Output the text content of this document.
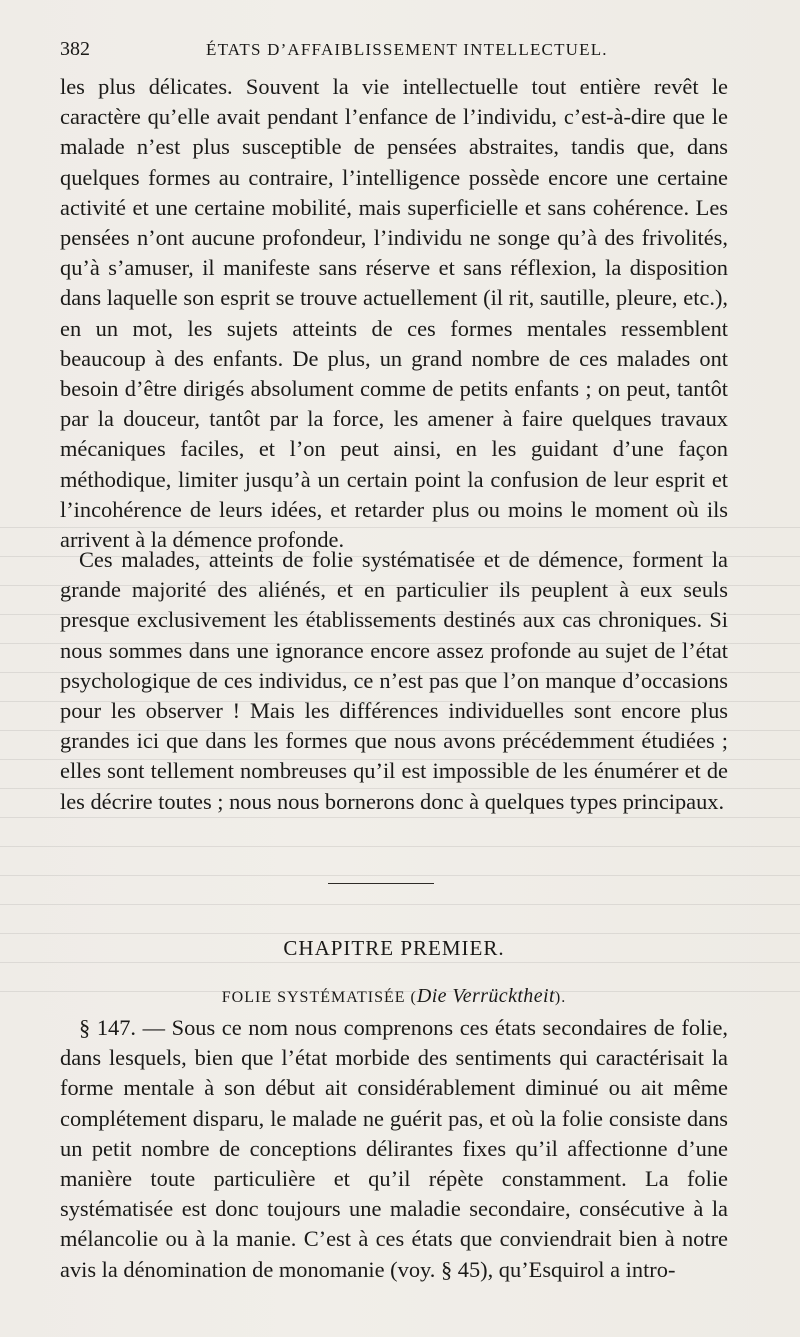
382	ÉTATS D’AFFAIBLISSEMENT INTELLECTUEL.

les plus délicates. Souvent la vie intellectuelle tout entière revêt le caractère qu’elle avait pendant l’enfance de l’individu, c’est-à-dire que le malade n’est plus susceptible de pensées abstraites, tandis que, dans quelques formes au contraire, l’intelligence possède encore une certaine activité et une certaine mobilité, mais superficielle et sans cohérence. Les pensées n’ont aucune profondeur, l’individu ne songe qu’à des frivolités, qu’à s’amuser, il manifeste sans réserve et sans réflexion, la disposition dans laquelle son esprit se trouve actuellement (il rit, sautille, pleure, etc.), en un mot, les sujets atteints de ces formes mentales ressemblent beaucoup à des enfants. De plus, un grand nombre de ces malades ont besoin d’être dirigés absolument comme de petits enfants ; on peut, tantôt par la douceur, tantôt par la force, les amener à faire quelques travaux mécaniques faciles, et l’on peut ainsi, en les guidant d’une façon méthodique, limiter jusqu’à un certain point la confusion de leur esprit et l’incohérence de leurs idées, et retarder plus ou moins le moment où ils arrivent à la démence profonde.

Ces malades, atteints de folie systématisée et de démence, forment la grande majorité des aliénés, et en particulier ils peuplent à eux seuls presque exclusivement les établissements destinés aux cas chroniques. Si nous sommes dans une ignorance encore assez profonde au sujet de l’état psychologique de ces individus, ce n’est pas que l’on manque d’occasions pour les observer ! Mais les différences individuelles sont encore plus grandes ici que dans les formes que nous avons précédemment étudiées ; elles sont tellement nombreuses qu’il est impossible de les énumérer et de les décrire toutes ; nous nous bornerons donc à quelques types principaux.

CHAPITRE PREMIER.
FOLIE SYSTÉMATISÉE (Die Verrücktheit).

§ 147. — Sous ce nom nous comprenons ces états secondaires de folie, dans lesquels, bien que l’état morbide des sentiments qui caractérisait la forme mentale à son début ait considérablement diminué ou ait même complétement disparu, le malade ne guérit pas, et où la folie consiste dans un petit nombre de conceptions délirantes fixes qu’il affectionne d’une manière toute particulière et qu’il répète constamment. La folie systématisée est donc toujours une maladie secondaire, consécutive à la mélancolie ou à la manie. C’est à ces états que conviendrait bien à notre avis la dénomination de monomanie (voy. § 45), qu’Esquirol a intro-
